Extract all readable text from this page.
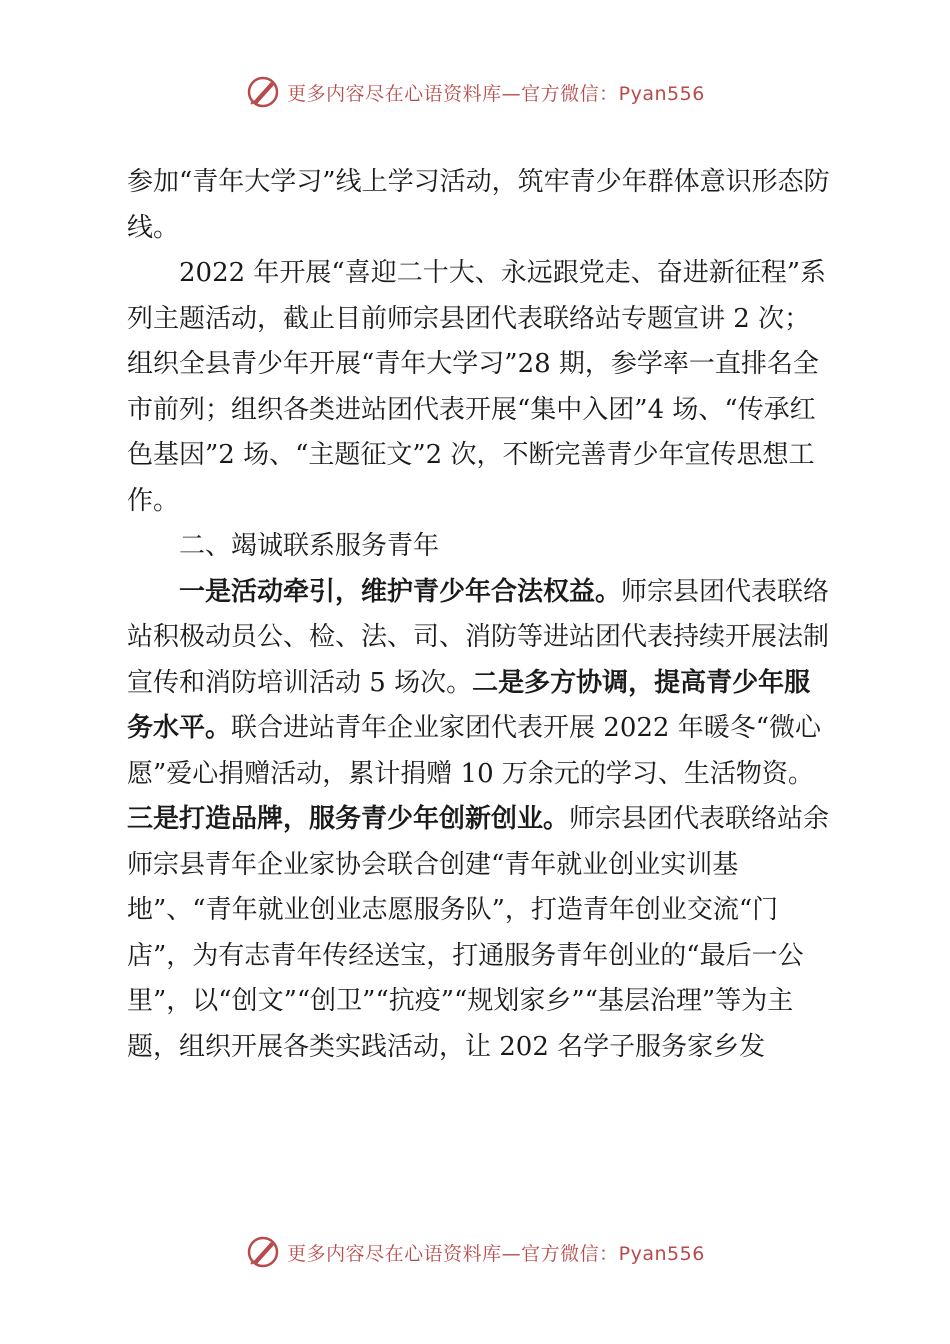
更多内容尽在心语资料库—官方微信：Pyan556

参加“青年大学习”线上学习活动，筑牢青少年群体意识形态防线。

2022 年开展“喜迎二十大、永远跟党走、奋进新征程”系列主题活动，截止目前师宗县团代表联络站专题宣讲 2 次；组织全县青少年开展“青年大学习”28 期，参学率一直排名全市前列；组织各类进站团代表开展“集中入团”4 场、“传承红色基因”2 场、“主题征文”2 次，不断完善青少年宣传思想工作。

二、竭诚联系服务青年

一是活动牵引，维护青少年合法权益。师宗县团代表联络站积极动员公、检、法、司、消防等进站团代表持续开展法制宣传和消防培训活动 5 场次。二是多方协调，提高青少年服务水平。联合进站青年企业家团代表开展 2022 年暖冬“微心愿”爱心捐赠活动，累计捐赠 10 万余元的学习、生活物资。三是打造品牌，服务青少年创新创业。师宗县团代表联络站余师宗县青年企业家协会联合创建“青年就业创业实训基地”、“青年就业创业志愿服务队”，打造青年创业交流“门

店”，为有志青年传经送宝，打通服务青年创业的“最后一公里”，以“创文”“创卫”“抗疫”“规划家乡”“基层治理”等为主题，组织开展各类实践活动，让 202 名学子服务家乡发

更多内容尽在心语资料库—官方微信：Pyan556
